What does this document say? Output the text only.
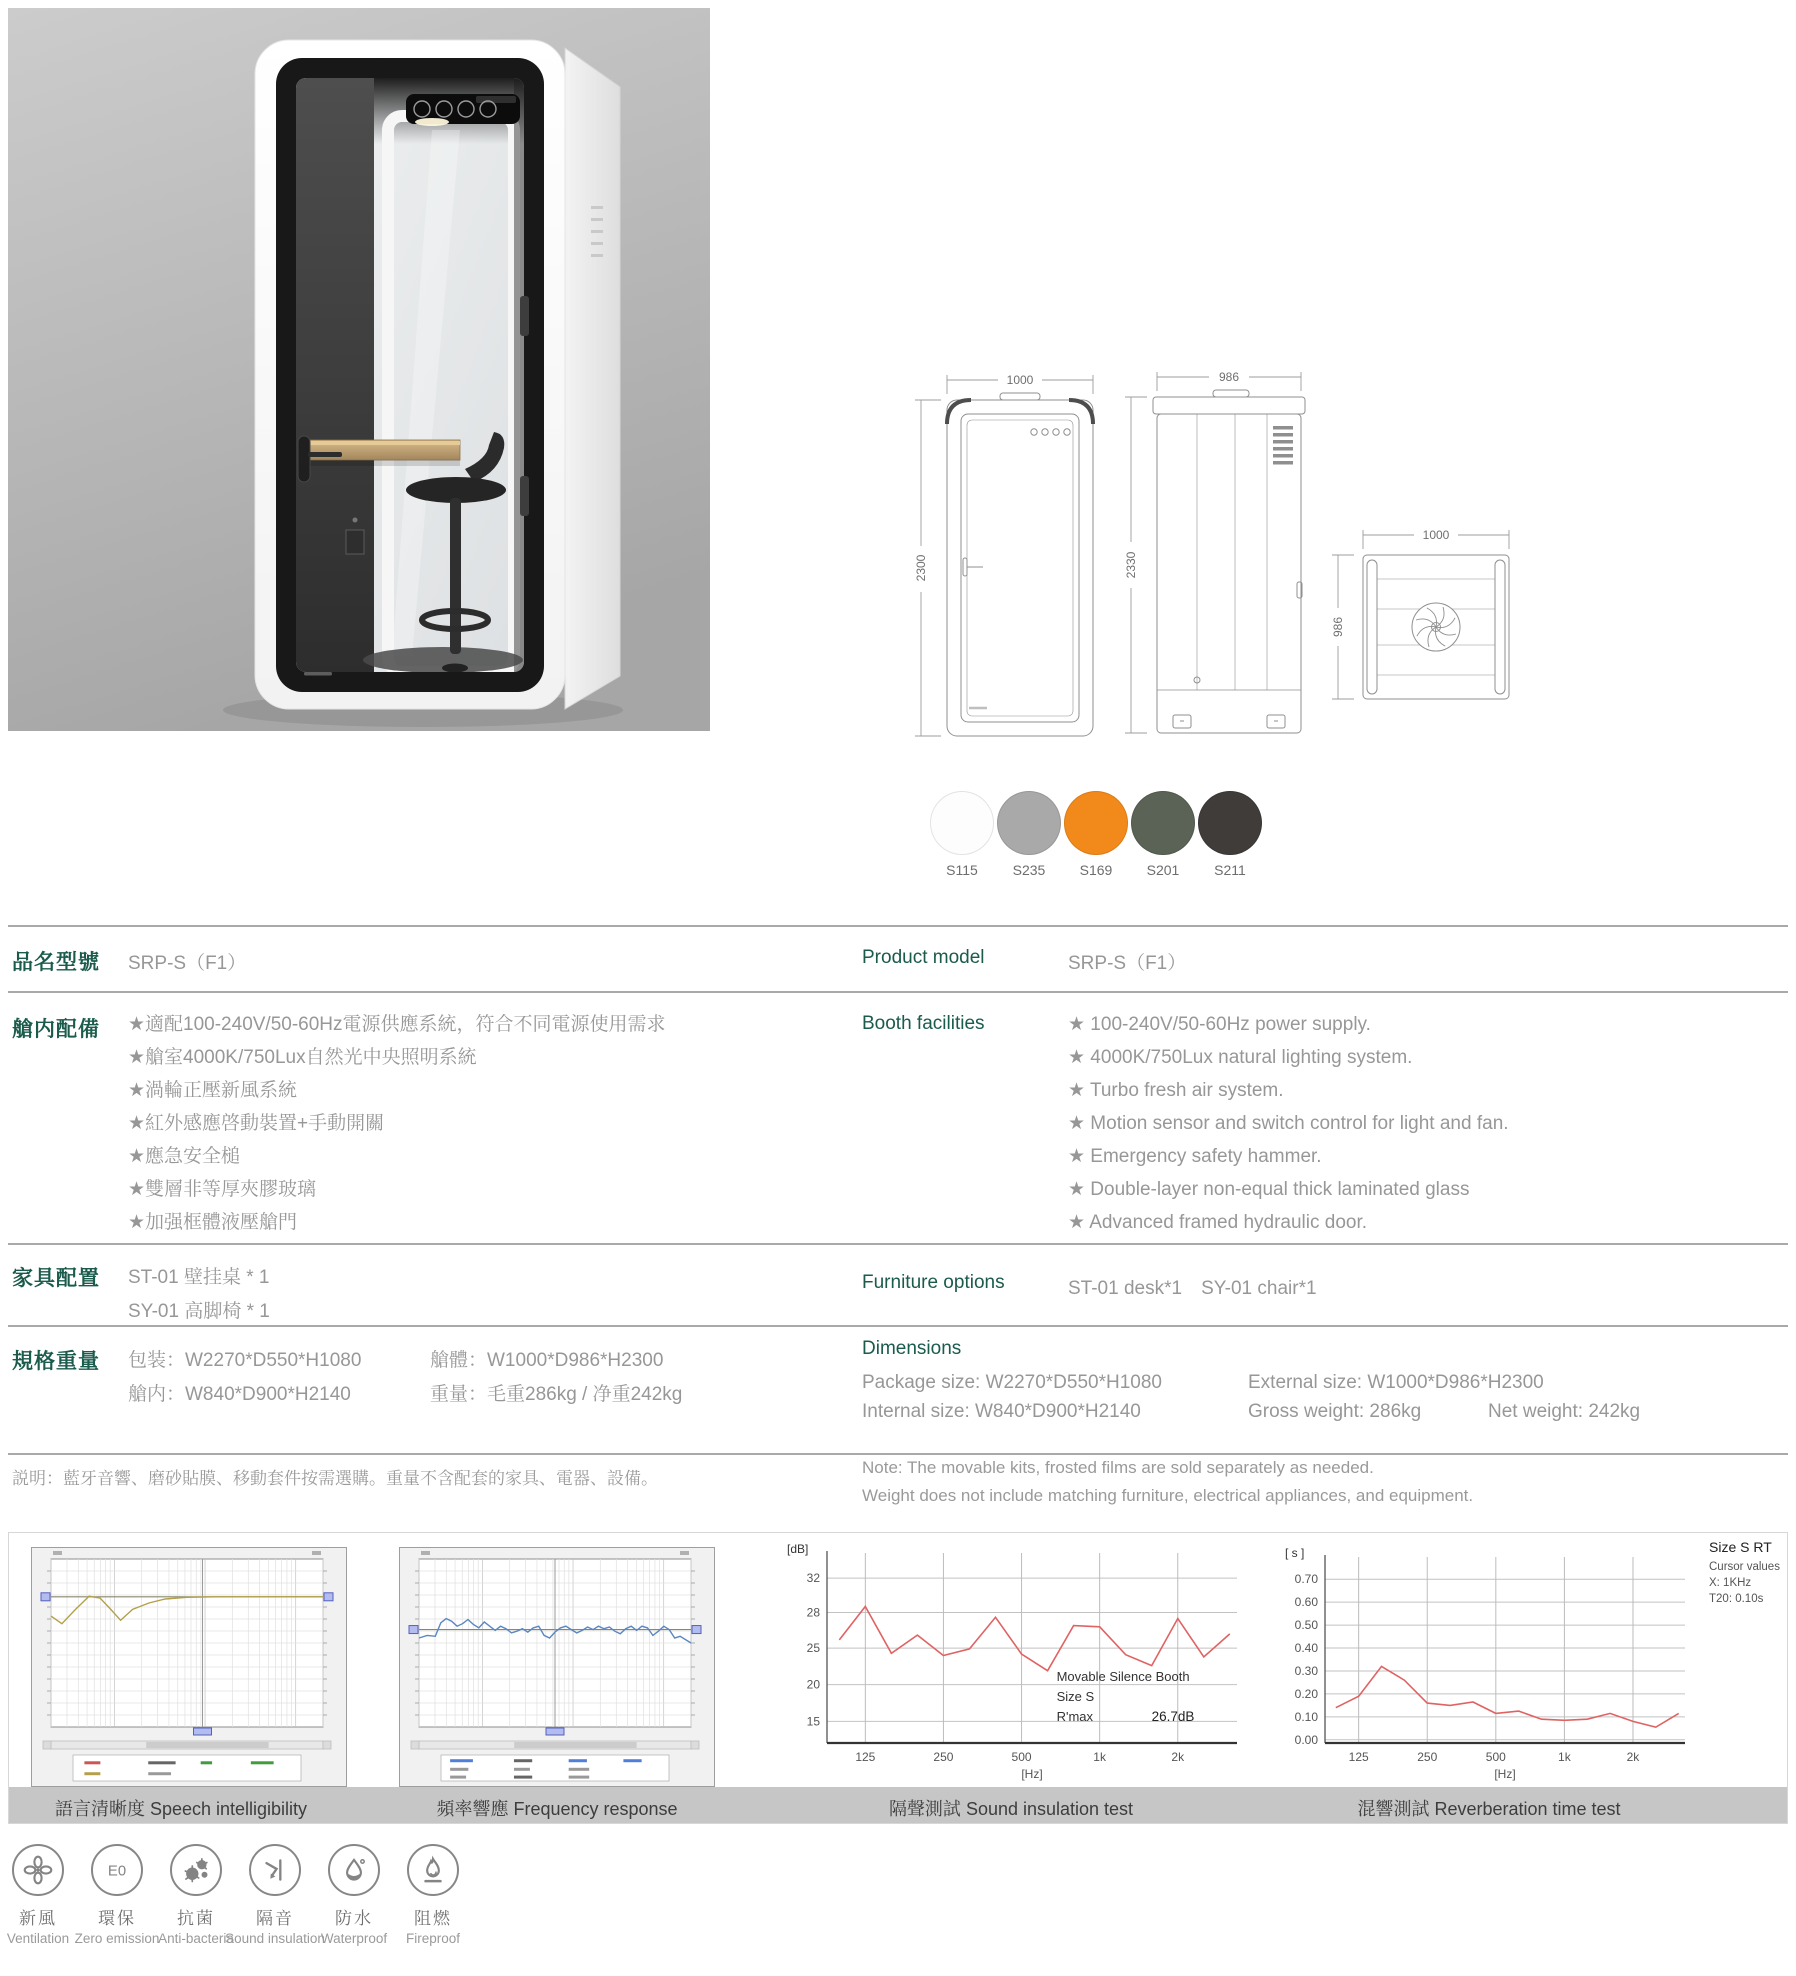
1000
2300
986
2330
1000
986
S115	S235	S169	S201	S211
品名型號 SRP-S（F1）	Product model	SRP-S（F1）
艙内配備 ★適配100-240V/50-60Hz電源供應系統，符合不同電源使用需求
★艙室4000K/750Lux自然光中央照明系統
★渦輪正壓新風系統
★紅外感應啓動裝置+手動開關
★應急安全槌
★雙層非等厚夾膠玻璃
★加强框體液壓艙門
Booth facilities	★ 100-240V/50-60Hz power supply.
★ 4000K/750Lux natural lighting system.
★ Turbo fresh air system.
★ Motion sensor and switch control for light and fan.
★ Emergency safety hammer.
★ Double-layer non-equal thick laminated glass
★ Advanced framed hydraulic door.
家具配置 ST-01 壁挂桌 * 1
SY-01 高脚椅 * 1
Furniture options	ST-01 desk*1　SY-01 chair*1
規格重量 包装：W2270*D550*H1080	艙體：W1000*D986*H2300
艙内：W840*D900*H2140	重量：毛重286kg / 净重242kg
Dimensions
Package size: W2270*D550*H1080	External size: W1000*D986*H2300
Internal size: W840*D900*H2140	Gross weight: 286kg	Net weight: 242kg
説明：藍牙音響、磨砂貼膜、移動套件按需選購。重量不含配套的家具、電器、設備。
Note: The movable kits, frosted films are sold separately as needed.
Weight does not include matching furniture, electrical appliances, and equipment.
32
28
25
20
15
125	250	500	1k	2k
[dB]
[Hz]
Movable Silence Booth
Size S
R'max	26.7dB
0.70
0.60
0.50
0.40
0.30
0.20
0.10
0.00
125	250	500	1k	2k
[ s ]
[Hz]
Size S RT
Cursor values
X: 1KHz
T20: 0.10s
語言清晰度 Speech intelligibility	頻率響應 Frequency response	隔聲測試 Sound insulation test	混響測試 Reverberation time test
新風
Ventilation
E0
環保
Zero emission
抗菌
Anti-bacteria
隔音
Sound insulation
防水
Waterproof
阻燃
Fireproof
